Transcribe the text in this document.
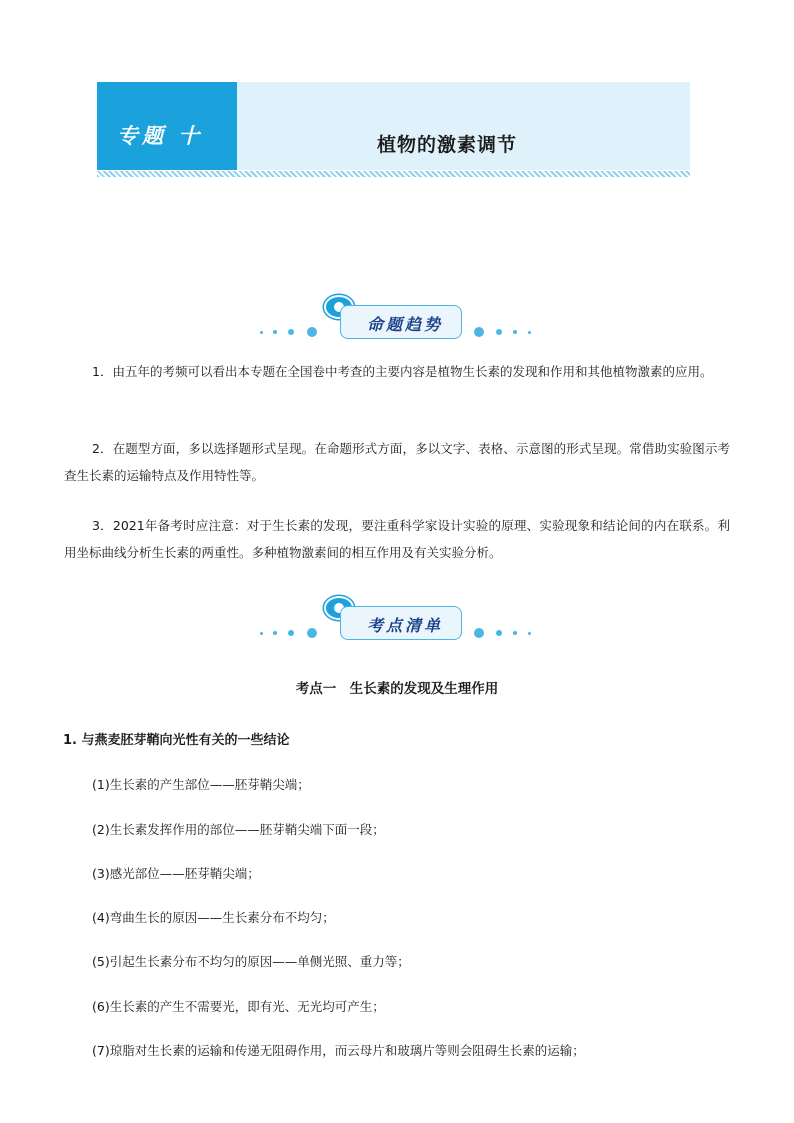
专题 十	植物的激素调节
命题趋势
1．由五年的考频可以看出本专题在全国卷中考查的主要内容是植物生长素的发现和作用和其他植物激素的应用。
2．在题型方面，多以选择题形式呈现。在命题形式方面，多以文字、表格、示意图的形式呈现。常借助实验图示考查生长素的运输特点及作用特性等。
3．2021年备考时应注意：对于生长素的发现，要注重科学家设计实验的原理、实验现象和结论间的内在联系。利用坐标曲线分析生长素的两重性。多种植物激素间的相互作用及有关实验分析。
考点清单
考点一　生长素的发现及生理作用
1. 与燕麦胚芽鞘向光性有关的一些结论
(1)生长素的产生部位——胚芽鞘尖端；
(2)生长素发挥作用的部位——胚芽鞘尖端下面一段；
(3)感光部位——胚芽鞘尖端；
(4)弯曲生长的原因——生长素分布不均匀；
(5)引起生长素分布不均匀的原因——单侧光照、重力等；
(6)生长素的产生不需要光，即有光、无光均可产生；
(7)琼脂对生长素的运输和传递无阻碍作用，而云母片和玻璃片等则会阻碍生长素的运输；
